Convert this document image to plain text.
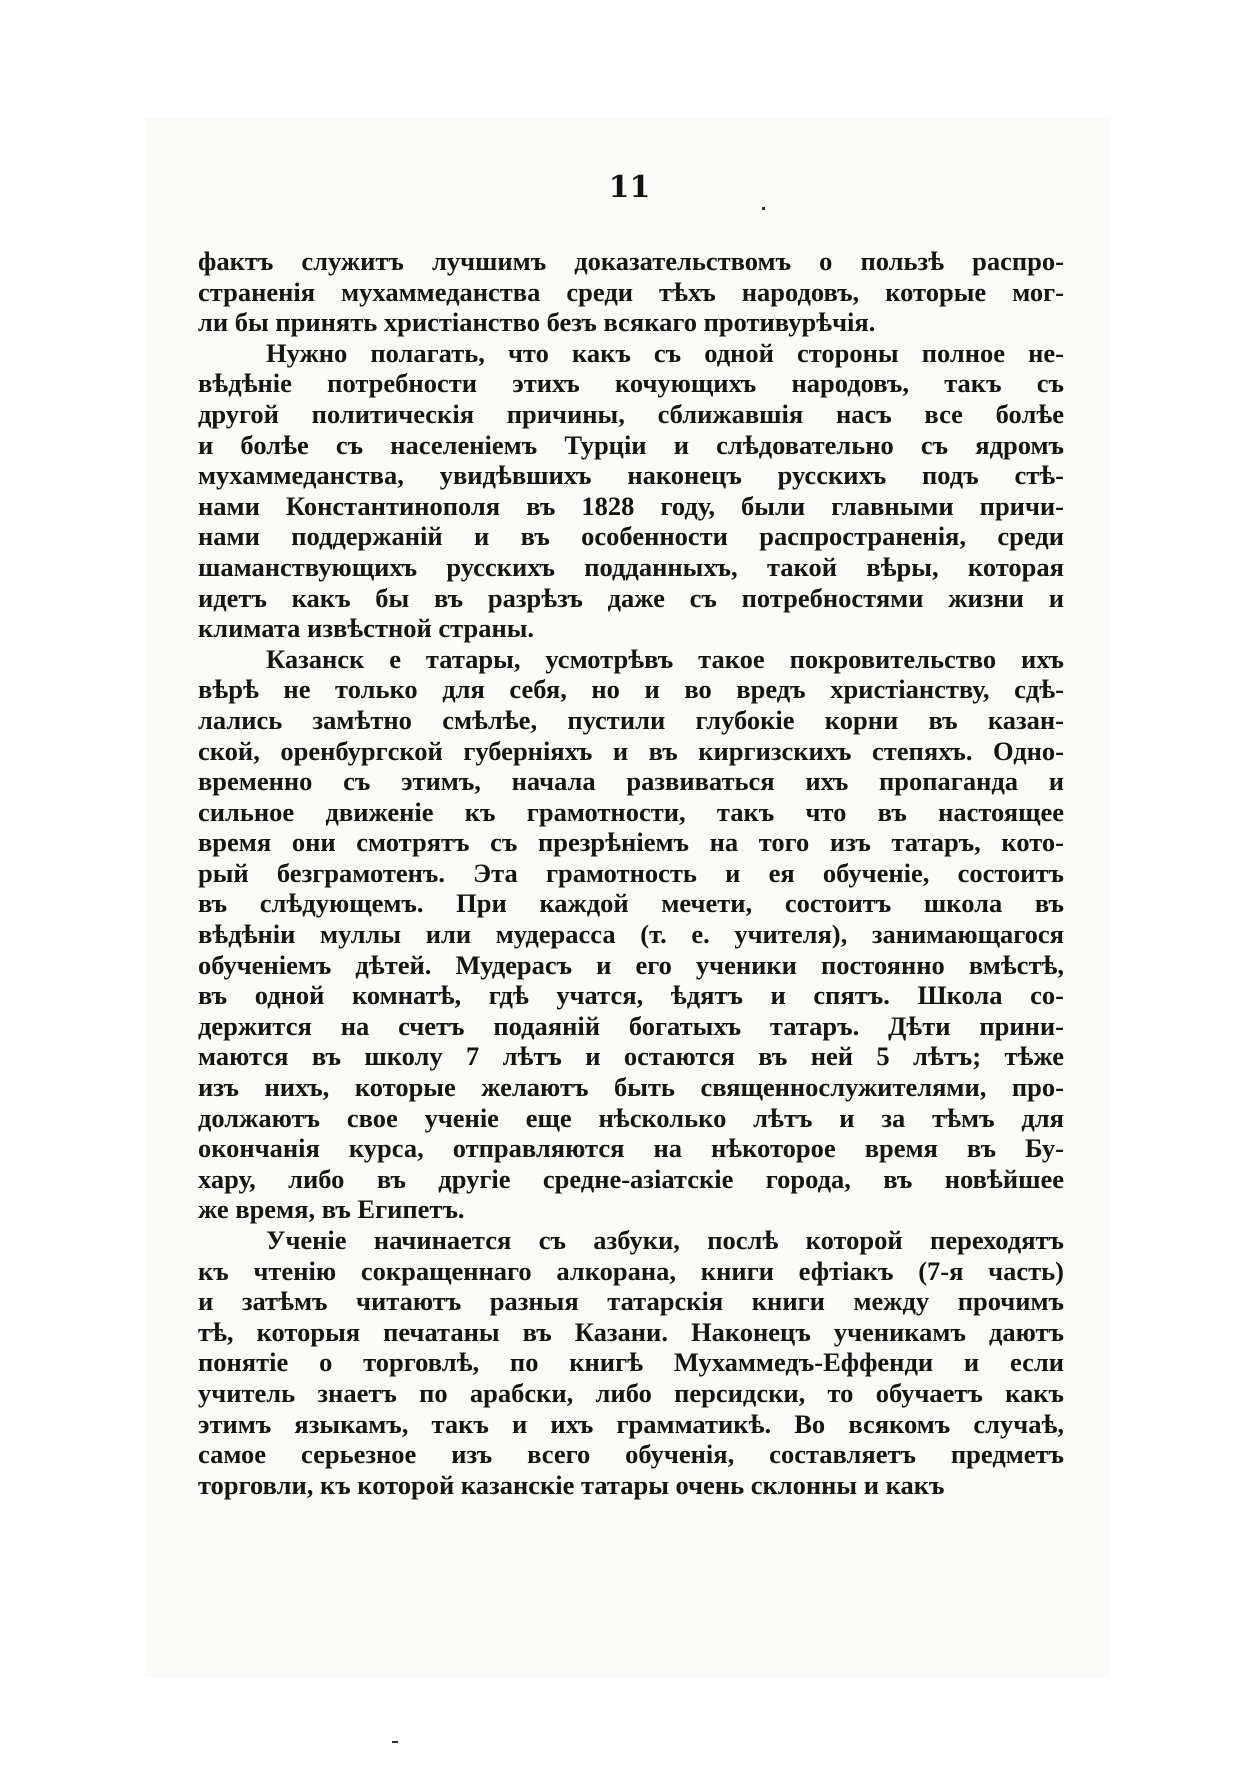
11
фактъ служитъ лучшимъ доказательствомъ о пользѣ распро-
страненія мухаммеданства среди тѣхъ народовъ, которые мог-
ли бы принять христіанство безъ всякаго противурѣчія.
Нужно полагать, что какъ съ одной стороны полное не-
вѣдѣніе потребности этихъ кочующихъ народовъ, такъ съ
другой политическія причины, сближавшія насъ все болѣе
и болѣе съ населеніемъ Турціи и слѣдовательно съ ядромъ
мухаммеданства, увидѣвшихъ наконецъ русскихъ подъ стѣ-
нами Константинополя въ 1828 году, были главными причи-
нами поддержаній и въ особенности распространенія, среди
шаманствующихъ русскихъ подданныхъ, такой вѣры, которая
идетъ какъ бы въ разрѣзъ даже съ потребностями жизни и
климата извѣстной страны.
Казанск е татары, усмотрѣвъ такое покровительство ихъ
вѣрѣ не только для себя, но и во вредъ христіанству, сдѣ-
лались замѣтно смѣлѣе, пустили глубокіе корни въ казан-
ской, оренбургской губерніяхъ и въ киргизскихъ степяхъ. Одно-
временно съ этимъ, начала развиваться ихъ пропаганда и
сильное движеніе къ грамотности, такъ что въ настоящее
время они смотрятъ съ презрѣніемъ на того изъ татаръ, кото-
рый безграмотенъ. Эта грамотность и ея обученіе, состоитъ
въ слѣдующемъ. При каждой мечети, состоитъ школа въ
вѣдѣніи муллы или мудерасса (т. е. учителя), занимающагося
обученіемъ дѣтей. Мудерасъ и его ученики постоянно вмѣстѣ,
въ одной комнатѣ, гдѣ учатся, ѣдятъ и спятъ. Школа со-
держится на счетъ подаяній богатыхъ татаръ. Дѣти прини-
маются въ школу 7 лѣтъ и остаются въ ней 5 лѣтъ; тѣже
изъ нихъ, которые желаютъ быть священнослужителями, про-
должаютъ свое ученіе еще нѣсколько лѣтъ и за тѣмъ для
окончанія курса, отправляются на нѣкоторое время въ Бу-
хару, либо въ другіе средне-азіатскіе города, въ новѣйшее
же время, въ Египетъ.
Ученіе начинается съ азбуки, послѣ которой переходятъ
къ чтенію сокращеннаго алкорана, книги ефтіакъ (7-я часть)
и затѣмъ читаютъ разныя татарскія книги между прочимъ
тѣ, которыя печатаны въ Казани. Наконецъ ученикамъ даютъ
понятіе о торговлѣ, по книгѣ Мухаммедъ-Еффенди и если
учитель знаетъ по арабски, либо персидски, то обучаетъ какъ
этимъ языкамъ, такъ и ихъ грамматикѣ. Во всякомъ случаѣ,
самое серьезное изъ всего обученія, составляетъ предметъ
торговли, къ которой казанскіе татары очень склонны и какъ
